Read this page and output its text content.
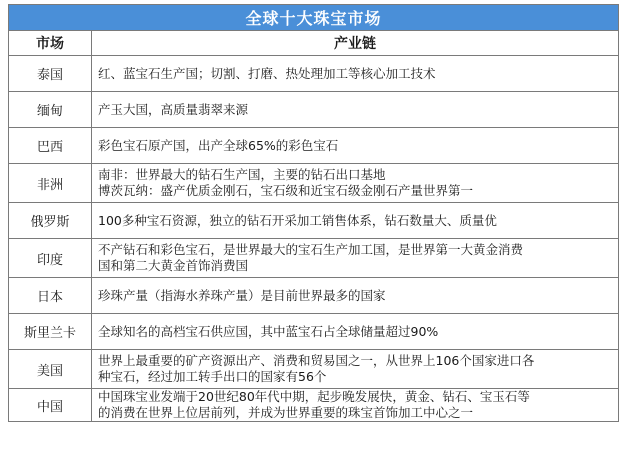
全球十大珠宝市场	
市场	产业链
泰国	红、蓝宝石生产国；切割、打磨、热处理加工等核心加工技术

缅甸	产玉大国，高质量翡翠来源

巴西	彩色宝石原产国，出产全球65%的彩色宝石

非洲	南非：世界最大的钻石生产国，主要的钻石出口基地
博茨瓦纳：盛产优质金刚石，宝石级和近宝石级金刚石产量世界第一

俄罗斯	100多种宝石资源，独立的钻石开采加工销售体系，钻石数量大、质量优

印度	不产钻石和彩色宝石，是世界最大的宝石生产加工国，是世界第一大黄金消费
国和第二大黄金首饰消费国

日本	珍珠产量（指海水养珠产量）是目前世界最多的国家

斯里兰卡	全球知名的高档宝石供应国，其中蓝宝石占全球储量超过90%

美国	世界上最重要的矿产资源出产、消费和贸易国之一，从世界上106个国家进口各
种宝石，经过加工转手出口的国家有56个

中国	中国珠宝业发端于20世纪80年代中期，起步晚发展快，黄金、钻石、宝玉石等
的消费在世界上位居前列，并成为世界重要的珠宝首饰加工中心之一
